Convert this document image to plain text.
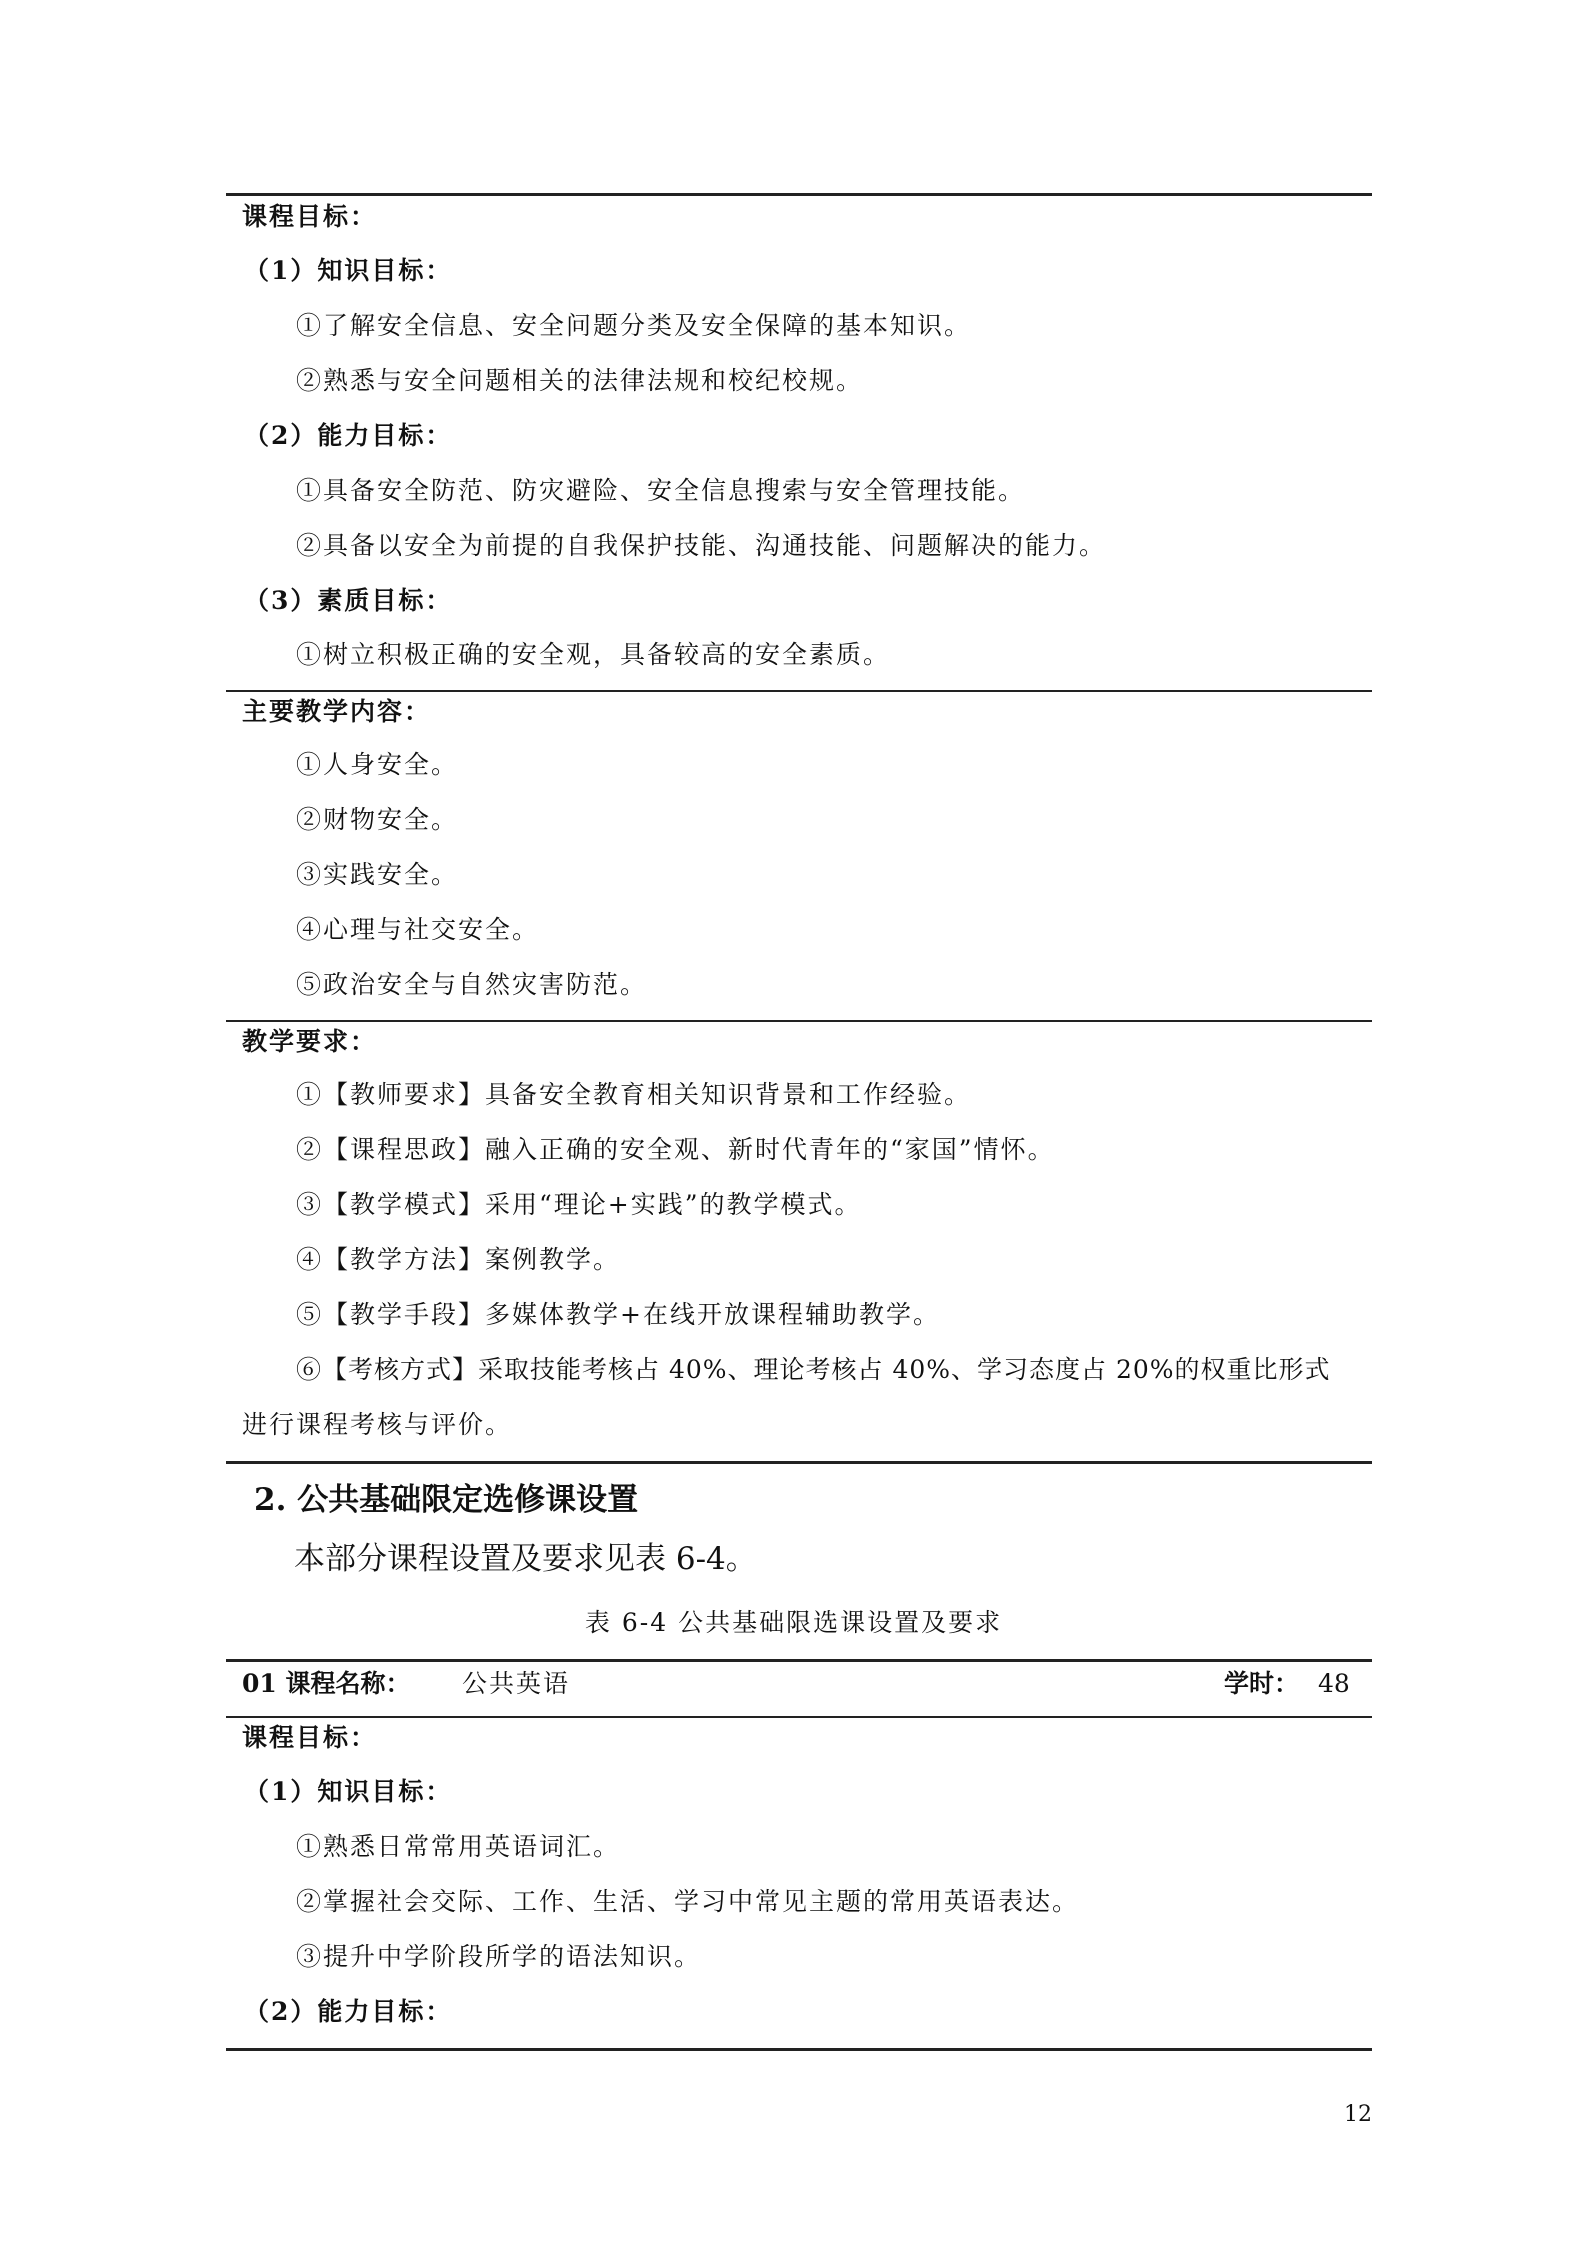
课程目标：
（1）知识目标：
①了解安全信息、安全问题分类及安全保障的基本知识。
②熟悉与安全问题相关的法律法规和校纪校规。
（2）能力目标：
①具备安全防范、防灾避险、安全信息搜索与安全管理技能。
②具备以安全为前提的自我保护技能、沟通技能、问题解决的能力。
（3）素质目标：
①树立积极正确的安全观，具备较高的安全素质。
主要教学内容：
①人身安全。
②财物安全。
③实践安全。
④心理与社交安全。
⑤政治安全与自然灾害防范。
教学要求：
①【教师要求】具备安全教育相关知识背景和工作经验。
②【课程思政】融入正确的安全观、新时代青年的“家国”情怀。
③【教学模式】采用“理论+实践”的教学模式。
④【教学方法】案例教学。
⑤【教学手段】多媒体教学+在线开放课程辅助教学。
⑥【考核方式】采取技能考核占 40%、理论考核占 40%、学习态度占 20%的权重比形式
进行课程考核与评价。
2. 公共基础限定选修课设置
本部分课程设置及要求见表 6-4。
表 6-4 公共基础限选课设置及要求
01 课程名称： 公共英语	学时： 48
课程目标：
（1）知识目标：
①熟悉日常常用英语词汇。
②掌握社会交际、工作、生活、学习中常见主题的常用英语表达。
③提升中学阶段所学的语法知识。
（2）能力目标：
12
